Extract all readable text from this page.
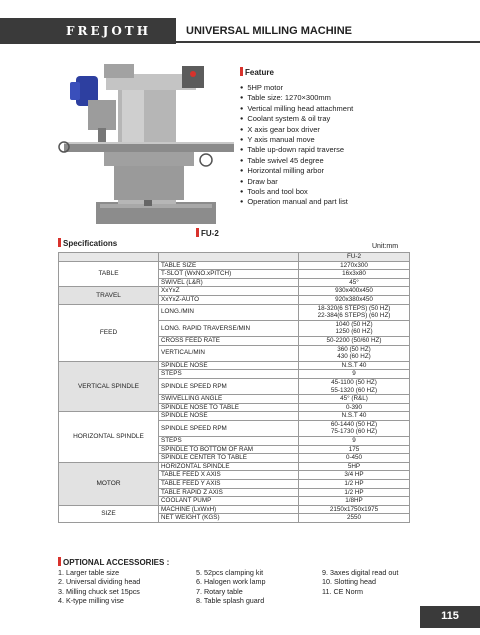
FREJOTH	UNIVERSAL MILLING MACHINE
FU-2
Feature
● 5HP motor
● Table size: 1270×300mm
● Vertical milling head attachment
● Coolant system & oil tray
● X axis gear box driver
● Y axis manual move
● Table up-down rapid traverse
● Table swivel 45 degree
● Horizontal milling arbor
● Draw bar
● Tools and tool box
● Operation manual and part list
Specifications	Unit:mm
		FU-2
TABLE	TABLE SIZE	1270x300
	T-SLOT (WxNO.xPITCH)	16x3x80
	SWIVEL (L&R)	45°
TRAVEL	XxYxZ	930x400x450
	XxYxZ-AUTO	920x380x450
FEED	LONG./MIN	18-320(6 STEPS) (50 HZ)
22-384(6 STEPS) (60 HZ)
	LONG. RAPID TRAVERSE/MIN	1040 (50 HZ)
1250 (60 HZ)
	CROSS FEED RATE	50-2200 (50/60 HZ)
	VERTICAL/MIN	360 (50 HZ)
430 (60 HZ)
VERTICAL SPINDLE	SPINDLE NOSE	N.S.T 40
	STEPS	9
	SPINDLE SPEED RPM	45-1100 (50 HZ)
55-1320 (60 HZ)
	SWIVELLING ANGLE	45° (R&L)
	SPINDLE NOSE TO TABLE	0-390
HORIZONTAL SPINDLE	SPINDLE NOSE	N.S.T 40
	SPINDLE SPEED RPM	60-1440 (50 HZ)
75-1730 (60 HZ)
	STEPS	9
	SPINDLE TO BOTTOM OF RAM	175
	SPINDLE CENTER TO TABLE	0-450
MOTOR	HORIZONTAL SPINDLE	5HP
	TABLE FEED X AXIS	3/4 HP
	TABLE FEED Y AXIS	1/2 HP
	TABLE RAPID Z AXIS	1/2 HP
	COOLANT PUMP	1/8HP
SIZE	MACHINE (LxWxH)	2150x1750x1975
	NET WEIGHT (KGS)	2550
OPTIONAL ACCESSORIES :
1. Larger table size
2. Universal dividing head
3. Milling chuck set 15pcs
4. K-type milling vise
5. 52pcs clamping kit
6. Halogen work lamp
7. Rotary table
8. Table splash guard
9. 3axes digital read out
10. Slotting head
11. CE Norm
115
